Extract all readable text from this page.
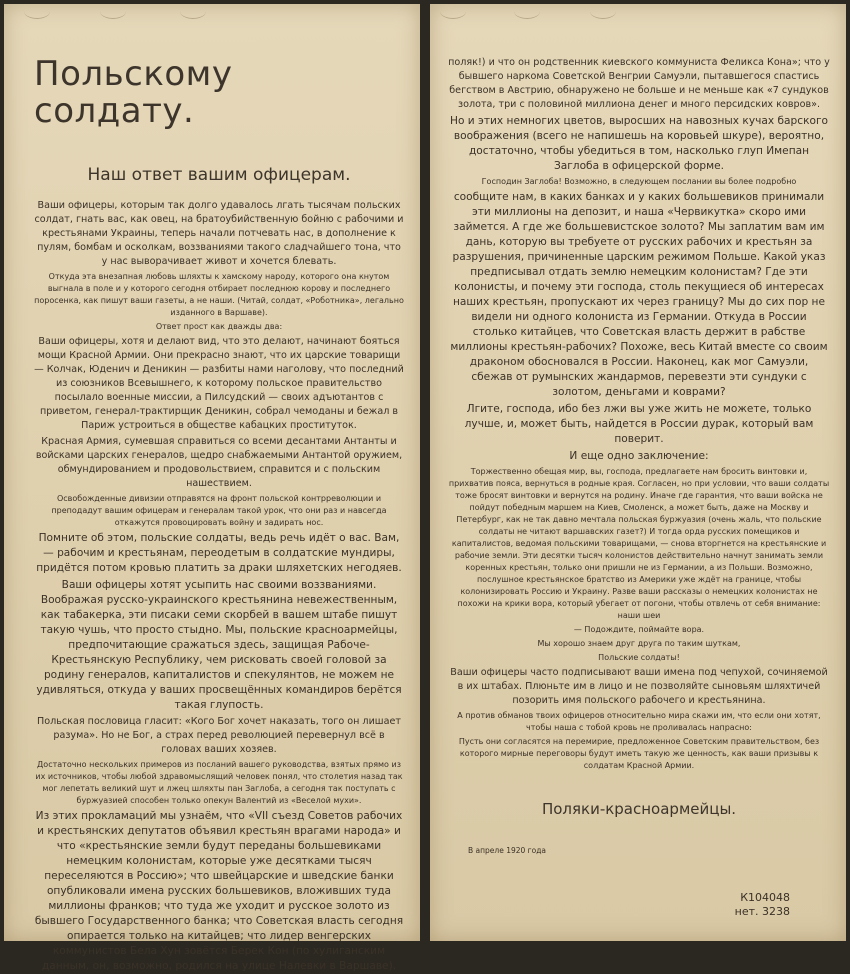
Польскому солдату.
Наш ответ вашим офицерам.
Ваши офицеры, которым так долго удавалось лгать тысячам польских солдат, гнать вас, как овец, на братоубийственную бойню с рабочими и крестьянами Украины, теперь начали потчевать нас, в дополнение к пулям, бомбам и осколкам, воззваниями такого сладчайшего тона, что у нас выворачивает живот и хочется блевать.
Откуда эта внезапная любовь шляхты к хамскому народу, которого она кнутом выгнала в поле и у которого сегодня отбирает последнюю корову и последнего поросенка, как пишут ваши газеты, а не наши. (Читай, солдат, «Роботника», легально изданного в Варшаве).
Ответ прост как дважды два:
Ваши офицеры, хотя и делают вид, что это делают, начинают бояться мощи Красной Армии. Они прекрасно знают, что их царские товарищи — Колчак, Юденич и Деникин — разбиты нами наголову, что последний из союзников Всевышнего, к которому польское правительство посылало военные миссии, а Пилсудский — своих адъютантов с приветом, генерал-трактирщик Деникин, собрал чемоданы и бежал в Париж устроиться в обществе кабацких проституток.
Красная Армия, сумевшая справиться со всеми десантами Антанты и войсками царских генералов, щедро снабжаемыми Антантой оружием, обмундированием и продовольствием, справится и с польским нашествием.
Освобожденные дивизии отправятся на фронт польской контрреволюции и преподадут вашим офицерам и генералам такой урок, что они раз и навсегда откажутся провоцировать войну и задирать нос.
Помните об этом, польские солдаты, ведь речь идёт о вас. Вам, — рабочим и крестьянам, переодетым в солдатские мундиры, придётся потом кровью платить за драки шляхетских негодяев.
Ваши офицеры хотят усыпить нас своими воззваниями. Воображая русско-украинского крестьянина невежественным, как табакерка, эти писаки семи скорбей в вашем штабе пишут такую чушь, что просто стыдно. Мы, польские красноармейцы, предпочитающие сражаться здесь, защищая Рабоче-Крестьянскую Республику, чем рисковать своей головой за родину генералов, капиталистов и спекулянтов, не можем не удивляться, откуда у ваших просвещённых командиров берётся такая глупость.
Польская пословица гласит: «Кого Бог хочет наказать, того он лишает разума». Но не Бог, а страх перед революцией перевернул всё в головах ваших хозяев.
Достаточно нескольких примеров из посланий вашего руководства, взятых прямо из их источников, чтобы любой здравомыслящий человек понял, что столетия назад так мог лепетать великий шут и лжец шляхты пан Заглоба, а сегодня так поступать с буржуазией способен только опекун Валентий из «Веселой мухи».
Из этих прокламаций мы узнаём, что «VII съезд Советов рабочих и крестьянских депутатов объявил крестьян врагами народа» и что «крестьянские земли будут переданы большевиками немецким колонистам, которые уже десятками тысяч переселяются в Россию»; что швейцарские и шведские банки опубликовали имена русских большевиков, вложивших туда миллионы франков; что туда же уходит и русское золото из бывшего Государственного банка; что Советская власть сегодня опирается только на китайцев; что лидер венгерских коммунистов Бела Хун зовётся Берек Кон (по хулиганским данным, он, возможно, родился на улице Налевки в Варшаве).
поляк!) и что он родственник киевского коммуниста Феликса Кона»; что у бывшего наркома Советской Венгрии Самуэли, пытавшегося спастись бегством в Австрию, обнаружено не больше и не меньше как «7 сундуков золота, три с половиной миллиона денег и много персидских ковров».
Но и этих немногих цветов, выросших на навозных кучах барского воображения (всего не напишешь на коровьей шкуре), вероятно, достаточно, чтобы убедиться в том, насколько глуп Имепан Заглоба в офицерской форме.
Господин Заглоба! Возможно, в следующем послании вы более подробно
сообщите нам, в каких банках и у каких большевиков принимали эти миллионы на депозит, и наша «Червикутка» скоро ими займется. А где же большевистское золото? Мы заплатим вам им дань, которую вы требуете от русских рабочих и крестьян за разрушения, причиненные царским режимом Польше. Какой указ предписывал отдать землю немецким колонистам? Где эти колонисты, и почему эти господа, столь пекущиеся об интересах наших крестьян, пропускают их через границу? Мы до сих пор не видели ни одного колониста из Германии. Откуда в России столько китайцев, что Советская власть держит в рабстве миллионы крестьян-рабочих? Похоже, весь Китай вместе со своим драконом обосновался в России. Наконец, как мог Самуэли, сбежав от румынских жандармов, перевезти эти сундуки с золотом, деньгами и коврами?
Лгите, господа, ибо без лжи вы уже жить не можете, только лучше, и, может быть, найдется в России дурак, который вам поверит.
И еще одно заключение:
Торжественно обещая мир, вы, господа, предлагаете нам бросить винтовки и, прихватив пояса, вернуться в родные края. Согласен, но при условии, что ваши солдаты тоже бросят винтовки и вернутся на родину. Иначе где гарантия, что ваши войска не пойдут победным маршем на Киев, Смоленск, а может быть, даже на Москву и Петербург, как не так давно мечтала польская буржуазия (очень жаль, что польские солдаты не читают варшавских газет?) И тогда орда русских помещиков и капиталистов, ведомая польскими товарищами, — снова вторгнется на крестьянские и рабочие земли. Эти десятки тысяч колонистов действительно начнут занимать земли коренных крестьян, только они пришли не из Германии, а из Польши. Возможно, послушное крестьянское братство из Америки уже ждёт на границе, чтобы колонизировать Россию и Украину. Разве ваши рассказы о немецких колонистах не похожи на крики вора, который убегает от погони, чтобы отвлечь от себя внимание: наши шеи
— Подождите, поймайте вора.
Мы хорошо знаем друг друга по таким шуткам,
Польские солдаты!
Ваши офицеры часто подписывают ваши имена под чепухой, сочиняемой в их штабах. Плюньте им в лицо и не позволяйте сыновьям шляхтичей позорить имя польского рабочего и крестьянина.
А против обманов твоих офицеров относительно мира скажи им, что если они хотят, чтобы наша с тобой кровь не проливалась напрасно:
Пусть они согласятся на перемирие, предложенное Советским правительством, без которого мирные переговоры будут иметь такую же ценность, как ваши призывы к солдатам Красной Армии.
Поляки-красноармейцы.
В апреле 1920 года
К104048
нет. 3238
